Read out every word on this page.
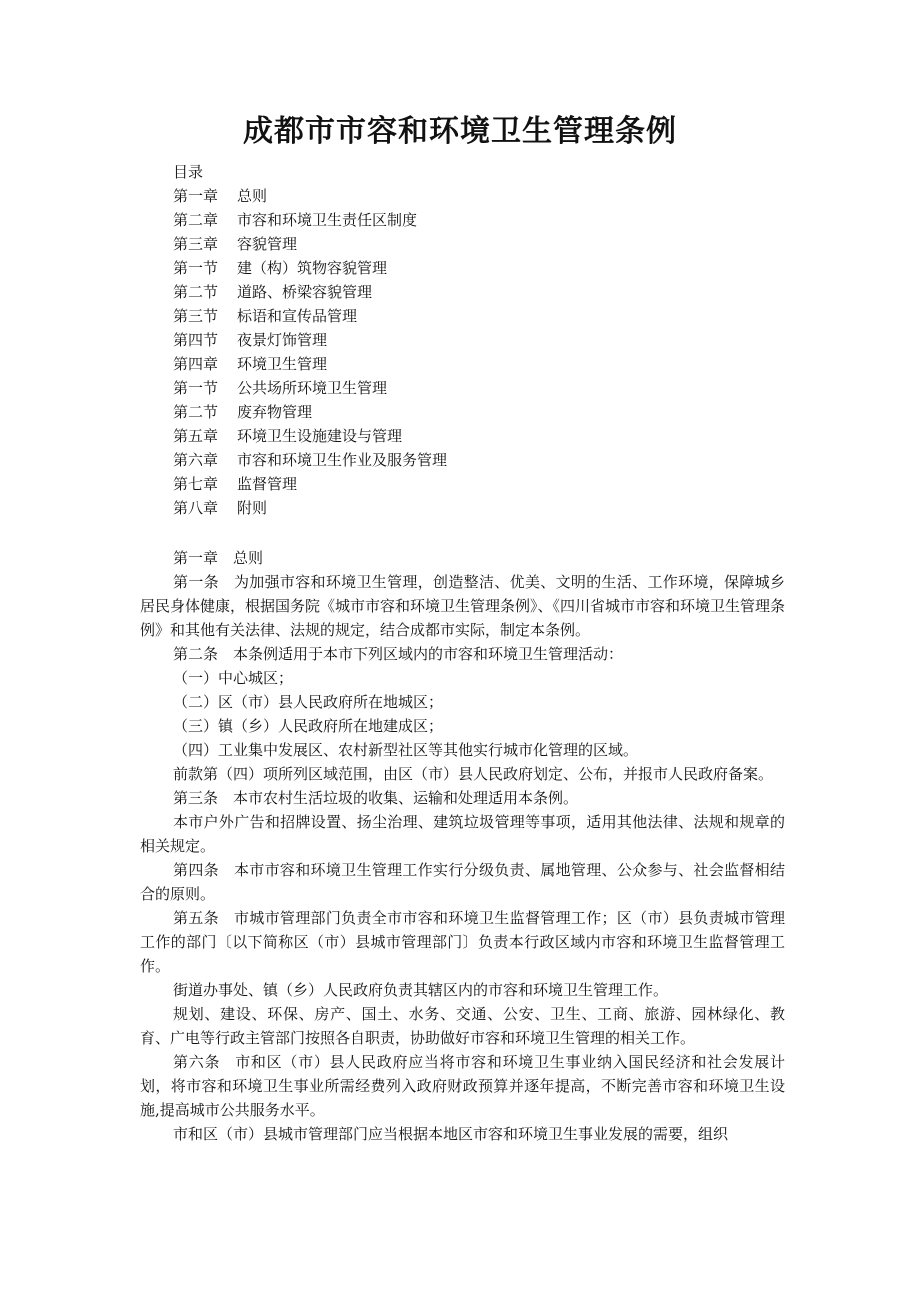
成都市市容和环境卫生管理条例
目录
第一章 总则
第二章 市容和环境卫生责任区制度
第三章 容貌管理
第一节 建（构）筑物容貌管理
第二节 道路、桥梁容貌管理
第三节 标语和宣传品管理
第四节 夜景灯饰管理
第四章 环境卫生管理
第一节 公共场所环境卫生管理
第二节 废弃物管理
第五章 环境卫生设施建设与管理
第六章 市容和环境卫生作业及服务管理
第七章 监督管理
第八章 附则
第一章 总则

第一条 为加强市容和环境卫生管理，创造整洁、优美、文明的生活、工作环境，保障城乡居民身体健康，根据国务院《城市市容和环境卫生管理条例》、《四川省城市市容和环境卫生管理条例》和其他有关法律、法规的规定，结合成都市实际，制定本条例。

第二条 本条例适用于本市下列区域内的市容和环境卫生管理活动：

（一）中心城区；

（二）区（市）县人民政府所在地城区；

（三）镇（乡）人民政府所在地建成区；

（四）工业集中发展区、农村新型社区等其他实行城市化管理的区域。

前款第（四）项所列区域范围，由区（市）县人民政府划定、公布，并报市人民政府备案。

第三条 本市农村生活垃圾的收集、运输和处理适用本条例。

本市户外广告和招牌设置、扬尘治理、建筑垃圾管理等事项，适用其他法律、法规和规章的相关规定。

第四条 本市市容和环境卫生管理工作实行分级负责、属地管理、公众参与、社会监督相结合的原则。

第五条 市城市管理部门负责全市市容和环境卫生监督管理工作；区（市）县负责城市管理工作的部门〔以下简称区（市）县城市管理部门〕负责本行政区域内市容和环境卫生监督管理工作。

街道办事处、镇（乡）人民政府负责其辖区内的市容和环境卫生管理工作。

规划、建设、环保、房产、国土、水务、交通、公安、卫生、工商、旅游、园林绿化、教育、广电等行政主管部门按照各自职责，协助做好市容和环境卫生管理的相关工作。

第六条 市和区（市）县人民政府应当将市容和环境卫生事业纳入国民经济和社会发展计划，将市容和环境卫生事业所需经费列入政府财政预算并逐年提高，不断完善市容和环境卫生设施,提高城市公共服务水平。

市和区（市）县城市管理部门应当根据本地区市容和环境卫生事业发展的需要，组织
